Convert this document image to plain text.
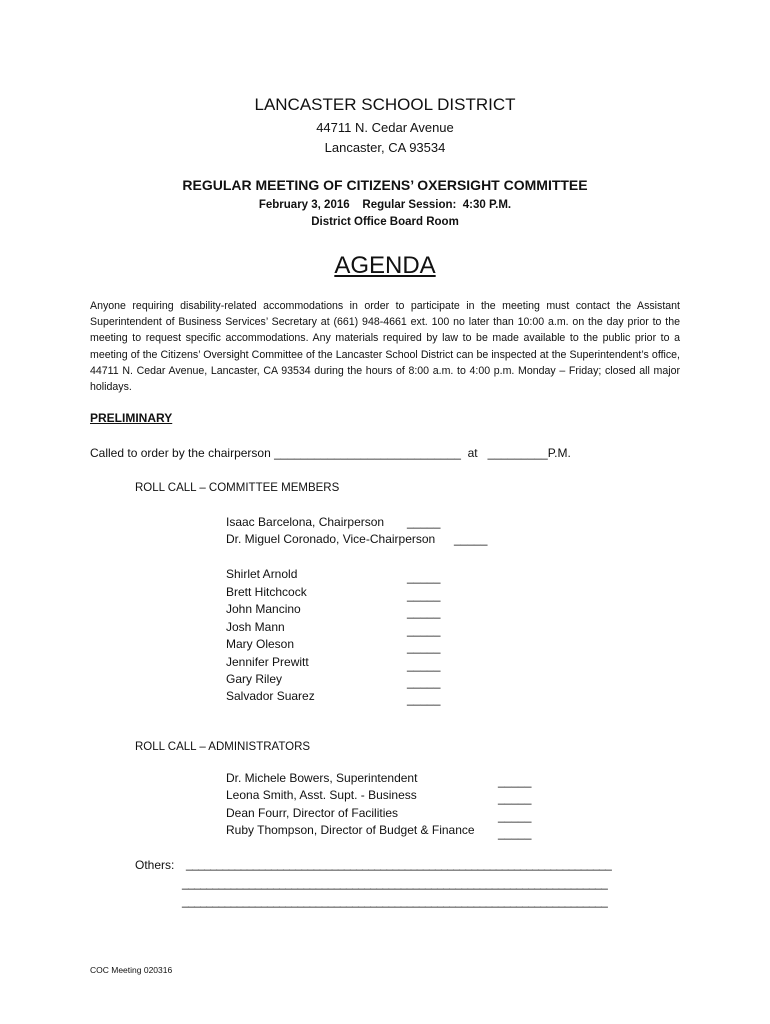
LANCASTER SCHOOL DISTRICT
44711 N. Cedar Avenue
Lancaster, CA 93534
REGULAR MEETING OF CITIZENS’ OXERSIGHT COMMITTEE
February 3, 2016    Regular Session:  4:30 P.M.
District Office Board Room
AGENDA

Anyone requiring disability-related accommodations in order to participate in the meeting must contact the Assistant Superintendent of Business Services’ Secretary at (661) 948-4661 ext. 100 no later than 10:00 a.m. on the day prior to the meeting to request specific accommodations. Any materials required by law to be made available to the public prior to a meeting of the Citizens’ Oversight Committee of the Lancaster School District can be inspected at the Superintendent’s office, 44711 N. Cedar Avenue, Lancaster, CA 93534 during the hours of 8:00 a.m. to 4:00 p.m. Monday – Friday; closed all major holidays.

PRELIMINARY
Called to order by the chairperson ____________________________  at   _________P.M.
ROLL CALL – COMMITTEE MEMBERS
Isaac Barcelona, Chairperson _____
Dr. Miguel Coronado, Vice-Chairperson _____
Shirlet Arnold	_____
Brett Hitchcock	_____
John Mancino	_____
Josh Mann	_____
Mary Oleson	_____
Jennifer Prewitt	_____
Gary Riley	_____
Salvador Suarez	_____
ROLL CALL – ADMINISTRATORS
Dr. Michele Bowers, Superintendent	_____
Leona Smith, Asst. Supt. - Business	_____
Dean Fourr, Director of Facilities	_____
Ruby Thompson, Director of Budget & Finance _____
Others: ______________________________________________________________________
______________________________________________________________________
______________________________________________________________________
COC Meeting 020316
